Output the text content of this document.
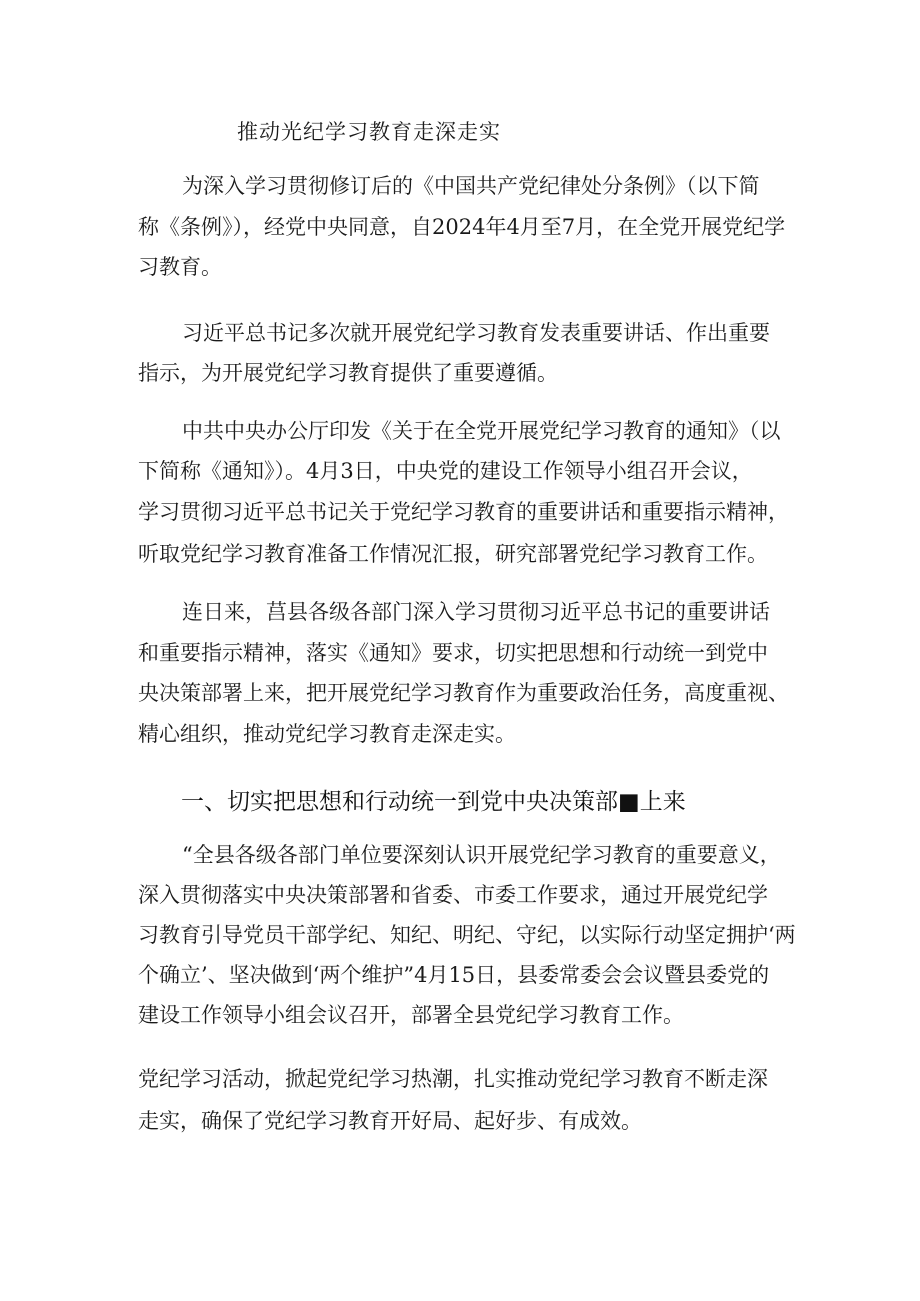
推动光纪学习教育走深走实
为深入学习贯彻修订后的《中国共产党纪律处分条例》（以下简
称《条例》），经党中央同意，自2024年4月至7月，在全党开展党纪学
习教育。
习近平总书记多次就开展党纪学习教育发表重要讲话、作出重要
指示，为开展党纪学习教育提供了重要遵循。
中共中央办公厅印发《关于在全党开展党纪学习教育的通知》（以
下简称《通知》）。4月3日，中央党的建设工作领导小组召开会议，
学习贯彻习近平总书记关于党纪学习教育的重要讲话和重要指示精神，
听取党纪学习教育准备工作情况汇报，研究部署党纪学习教育工作。
连日来，莒县各级各部门深入学习贯彻习近平总书记的重要讲话
和重要指示精神，落实《通知》要求，切实把思想和行动统一到党中
央决策部署上来，把开展党纪学习教育作为重要政治任务，高度重视、
精心组织，推动党纪学习教育走深走实。
一、切实把思想和行动统一到党中央决策部■上来
“全县各级各部门单位要深刻认识开展党纪学习教育的重要意义，
深入贯彻落实中央决策部署和省委、市委工作要求，通过开展党纪学
习教育引导党员干部学纪、知纪、明纪、守纪，以实际行动坚定拥护‘两
个确立’、坚决做到‘两个维护”4月15日，县委常委会会议暨县委党的
建设工作领导小组会议召开，部署全县党纪学习教育工作。
党纪学习活动，掀起党纪学习热潮，扎实推动党纪学习教育不断走深
走实，确保了党纪学习教育开好局、起好步、有成效。
